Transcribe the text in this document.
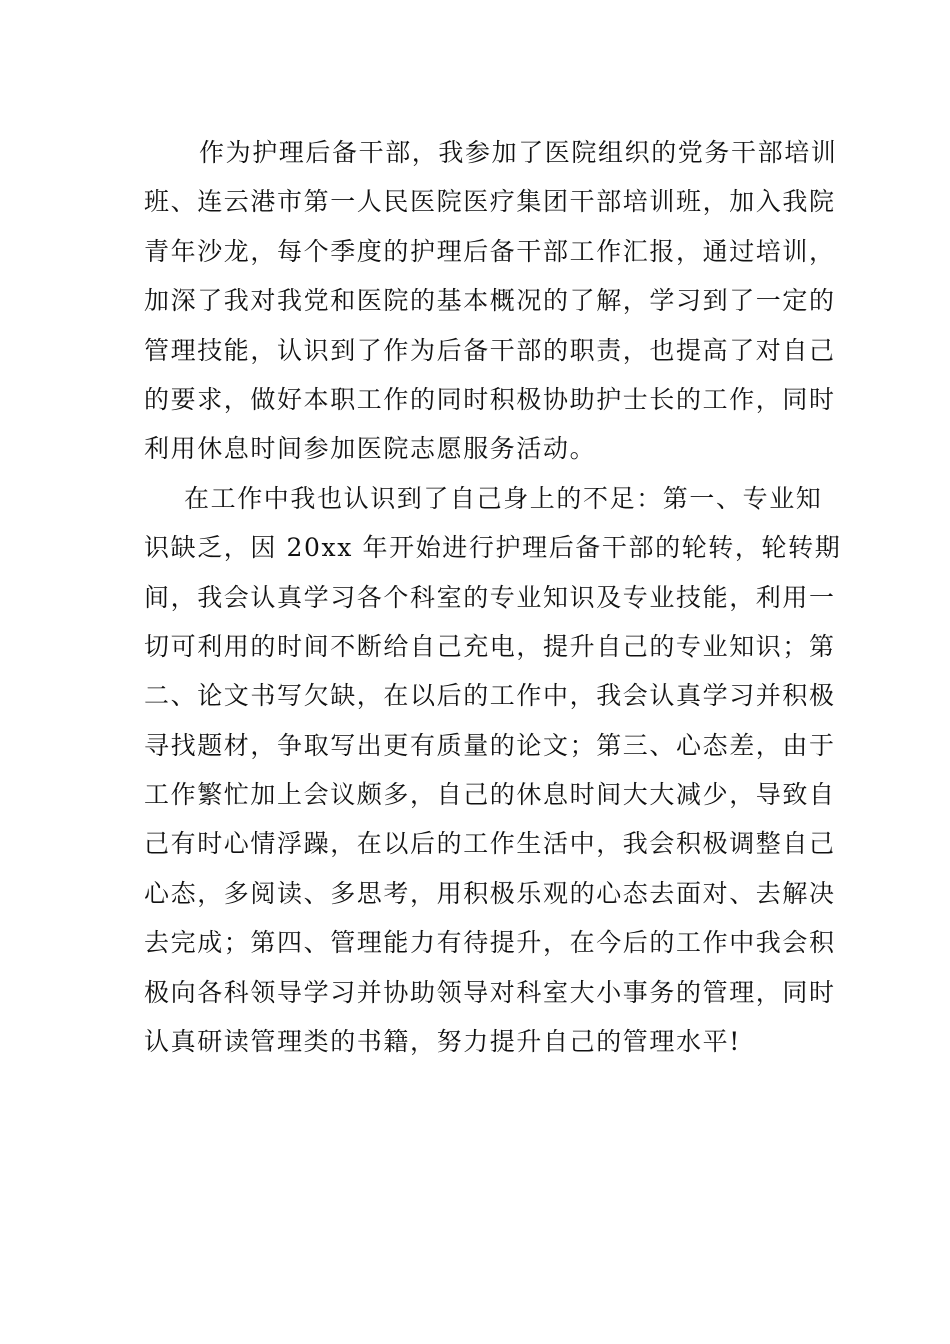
作为护理后备干部，我参加了医院组织的党务干部培训
班、连云港市第一人民医院医疗集团干部培训班，加入我院
青年沙龙，每个季度的护理后备干部工作汇报，通过培训，
加深了我对我党和医院的基本概况的了解，学习到了一定的
管理技能，认识到了作为后备干部的职责，也提高了对自己
的要求，做好本职工作的同时积极协助护士长的工作，同时
利用休息时间参加医院志愿服务活动。
在工作中我也认识到了自己身上的不足：第一、专业知
识缺乏，因 20xx 年开始进行护理后备干部的轮转，轮转期
间，我会认真学习各个科室的专业知识及专业技能，利用一
切可利用的时间不断给自己充电，提升自己的专业知识；第
二、论文书写欠缺，在以后的工作中，我会认真学习并积极
寻找题材，争取写出更有质量的论文；第三、心态差，由于
工作繁忙加上会议颇多，自己的休息时间大大减少，导致自
己有时心情浮躁，在以后的工作生活中，我会积极调整自己
心态，多阅读、多思考，用积极乐观的心态去面对、去解决
去完成；第四、管理能力有待提升，在今后的工作中我会积
极向各科领导学习并协助领导对科室大小事务的管理，同时
认真研读管理类的书籍，努力提升自己的管理水平!
